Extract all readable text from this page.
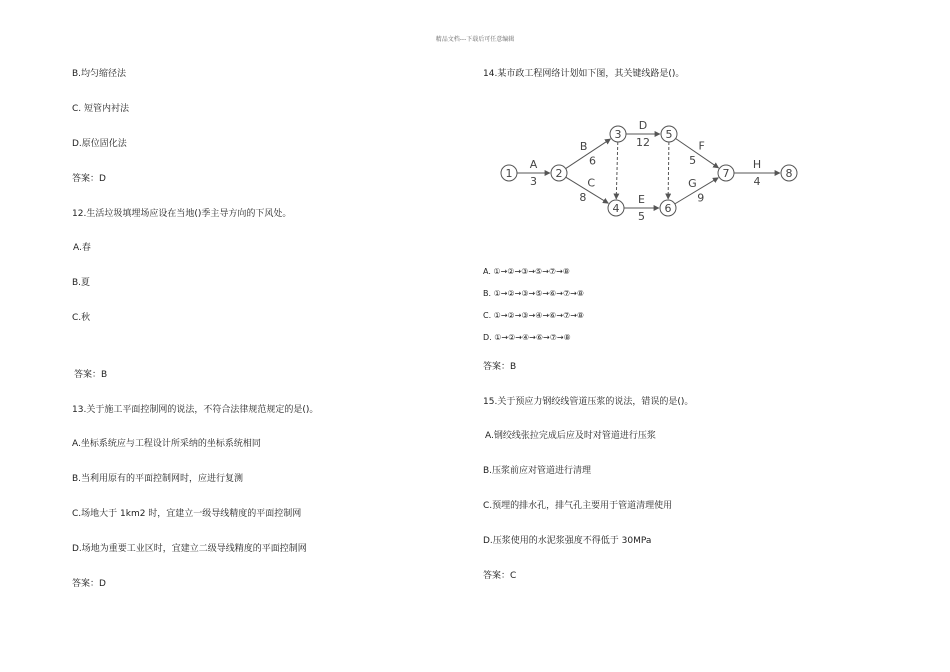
精品文档---下载后可任意编辑
B.均匀缩径法
C. 短管内衬法
D.原位固化法
答案：D
12.生活垃圾填埋场应设在当地()季主导方向的下风处。
A.春
B.夏
C.秋
答案：B
13.关于施工平面控制网的说法，不符合法律规范规定的是()。
A.坐标系统应与工程设计所采纳的坐标系统相同
B.当利用原有的平面控制网时，应进行复测
C.场地大于 1km2 时，宜建立一级导线精度的平面控制网
D.场地为重要工业区时，宜建立二级导线精度的平面控制网
答案：D
14.某市政工程网络计划如下图，其关键线路是()。
A
3
B
6
C
8
D
12
E
5
F
5
G
9
H
4
1	2
3
4
5
6
7	8
A. ①→②→③→⑤→⑦→⑧
B. ①→②→③→⑤→⑥→⑦→⑧
C. ①→②→③→④→⑥→⑦→⑧
D. ①→②→④→⑥→⑦→⑧
答案：B
15.关于预应力钢绞线管道压浆的说法，错误的是()。
A.钢绞线张拉完成后应及时对管道进行压浆
B.压浆前应对管道进行清理
C.预埋的排水孔，排气孔主要用于管道清理使用
D.压浆使用的水泥浆强度不得低于 30MPa
答案：C
